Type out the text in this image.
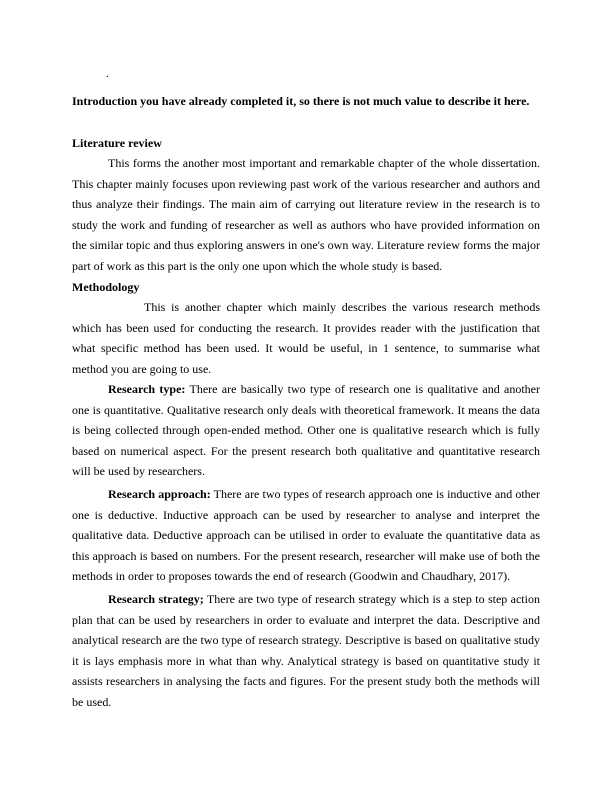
.

Introduction you have already completed it, so there is not much value to describe it here.

Literature review

This forms the another most important and remarkable chapter of the whole dissertation. This chapter mainly focuses upon reviewing past work of the various researcher and authors and thus analyze their findings. The main aim of carrying out literature review in the research is to study the work and funding of researcher as well as authors who have provided information on the similar topic and thus exploring answers in one's own way. Literature review forms the major part of work as this part is the only one upon which the whole study is based.

Methodology

This is another chapter which mainly describes the various research methods which has been used for conducting the research. It provides reader with the justification that what specific method has been used. It would be useful, in 1 sentence, to summarise what method you are going to use.

Research type: There are basically two type of research one is qualitative and another one is quantitative. Qualitative research only deals with theoretical framework. It means the data is being collected through open-ended method. Other one is qualitative research which is fully based on numerical aspect. For the present research both qualitative and quantitative research will be used by researchers.

Research approach: There are two types of research approach one is inductive and other one is deductive. Inductive approach can be used by researcher to analyse and interpret the qualitative data. Deductive approach can be utilised in order to evaluate the quantitative data as this approach is based on numbers. For the present research, researcher will make use of both the methods in order to proposes towards the end of research (Goodwin and Chaudhary, 2017).

Research strategy; There are two type of research strategy which is a step to step action plan that can be used by researchers in order to evaluate and interpret the data. Descriptive and analytical research are the two type of research strategy. Descriptive is based on qualitative study it is lays emphasis more in what than why. Analytical strategy is based on quantitative study it assists researchers in analysing the facts and figures. For the present study both the methods will be used.
